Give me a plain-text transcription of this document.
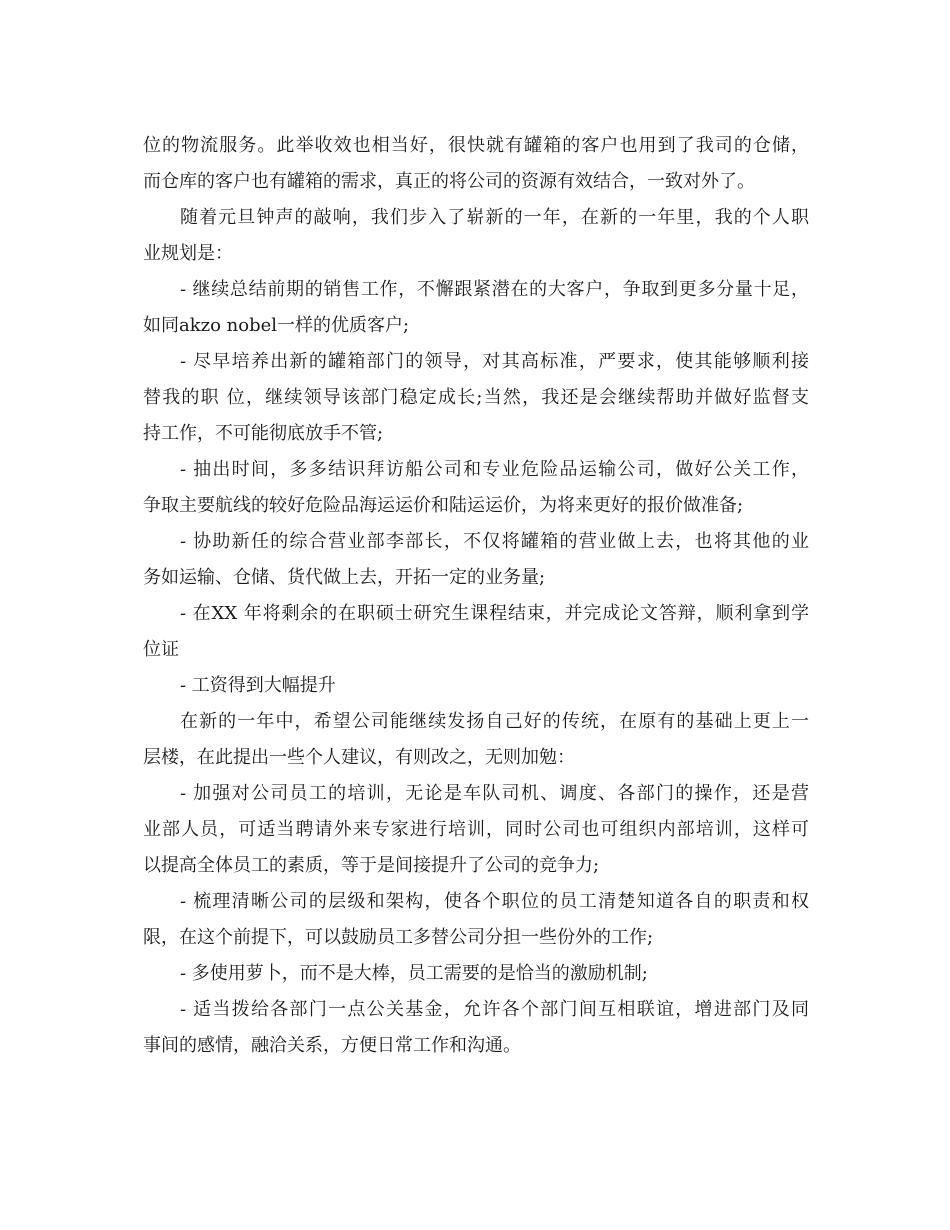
位的物流服务。此举收效也相当好，很快就有罐箱的客户也用到了我司的仓储，
而仓库的客户也有罐箱的需求，真正的将公司的资源有效结合，一致对外了。
随着元旦钟声的敲响，我们步入了崭新的一年，在新的一年里，我的个人职
业规划是：
- 继续总结前期的销售工作，不懈跟紧潜在的大客户，争取到更多分量十足，
如同akzo nobel一样的优质客户;
- 尽早培养出新的罐箱部门的领导，对其高标准，严要求，使其能够顺利接
替我的职 位，继续领导该部门稳定成长;当然，我还是会继续帮助并做好监督支
持工作，不可能彻底放手不管;
- 抽出时间，多多结识拜访船公司和专业危险品运输公司，做好公关工作，
争取主要航线的较好危险品海运运价和陆运运价，为将来更好的报价做准备;
- 协助新任的综合营业部李部长，不仅将罐箱的营业做上去，也将其他的业
务如运输、仓储、货代做上去，开拓一定的业务量;
- 在XX 年将剩余的在职硕士研究生课程结束，并完成论文答辩，顺利拿到学
位证
- 工资得到大幅提升
在新的一年中，希望公司能继续发扬自己好的传统，在原有的基础上更上一
层楼，在此提出一些个人建议，有则改之，无则加勉：
- 加强对公司员工的培训，无论是车队司机、调度、各部门的操作，还是营
业部人员，可适当聘请外来专家进行培训，同时公司也可组织内部培训，这样可
以提高全体员工的素质，等于是间接提升了公司的竞争力;
- 梳理清晰公司的层级和架构，使各个职位的员工清楚知道各自的职责和权
限，在这个前提下，可以鼓励员工多替公司分担一些份外的工作;
- 多使用萝卜，而不是大棒，员工需要的是恰当的激励机制;
- 适当拨给各部门一点公关基金，允许各个部门间互相联谊，增进部门及同
事间的感情，融洽关系，方便日常工作和沟通。
